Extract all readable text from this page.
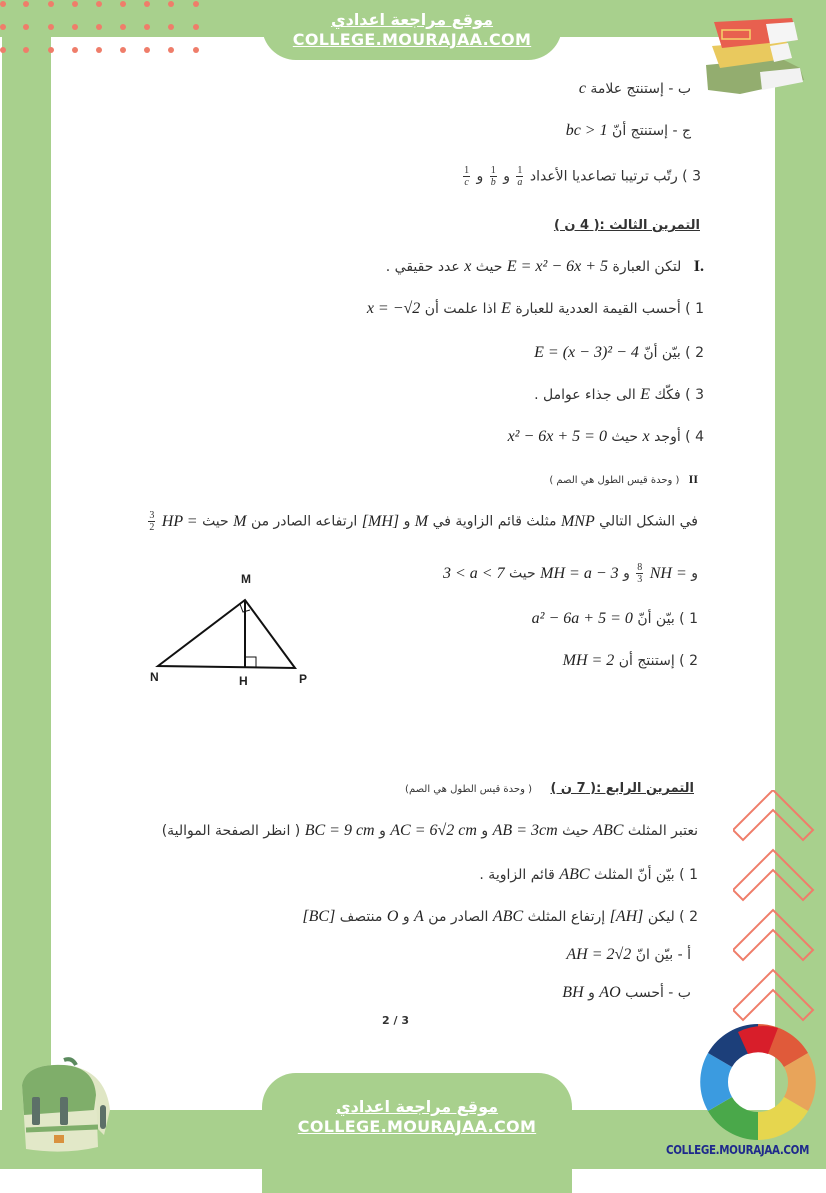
موقع مراجعة اعدادي
COLLEGE.MOURAJAA.COM
ب - إستنتج علامة c
ج - إستنتج أنّ bc > 1
3 ) رتّب ترتيبا تصاعديا الأعداد
$\frac{1}{a}$
و
$\frac{1}{b}$
و
$\frac{1}{c}$
التمرين الثالث :( 4 ن )
I. لتكن العبارة E = x² − 6x + 5 حيث x عدد حقيقي .
1 ) أحسب القيمة العددية للعبارة E اذا علمت أن x = −√2
2 ) بيّن أنّ E = (x − 3)² − 4
3 ) فكّك E الى جذاء عوامل .
4 ) أوجد x حيث x² − 6x + 5 = 0
II ( وحدة قيس الطول هي الصم )
في الشكل التالي MNP مثلث قائم الزاوية في M و [MH] ارتفاعه الصادر من M حيث HP =
$\frac{3}{2}$
و NH =
$\frac{8}{3}$
و MH = a − 3 حيث 3 < a < 7
1 ) بيّن أنّ a² − 6a + 5 = 0
2 ) إستنتج أن MH = 2
M
N	H	P
التمرين الرابع :( 7 ن ) ( وحدة قيس الطول هي الصم)
نعتبر المثلث ABC حيث AB = 3cm و AC = 6√2 cm و BC = 9 cm ( انظر الصفحة الموالية)
1 ) بيّن أنّ المثلث ABC قائم الزاوية .
2 ) ليكن [AH] إرتفاع المثلث ABC الصادر من A و O منتصف [BC]
أ - بيّن انّ AH = 2√2
ب - أحسب AO و BH
2 / 3
COLLEGE.MOURAJAA.COM
موقع مراجعة اعدادي
COLLEGE.MOURAJAA.COM
